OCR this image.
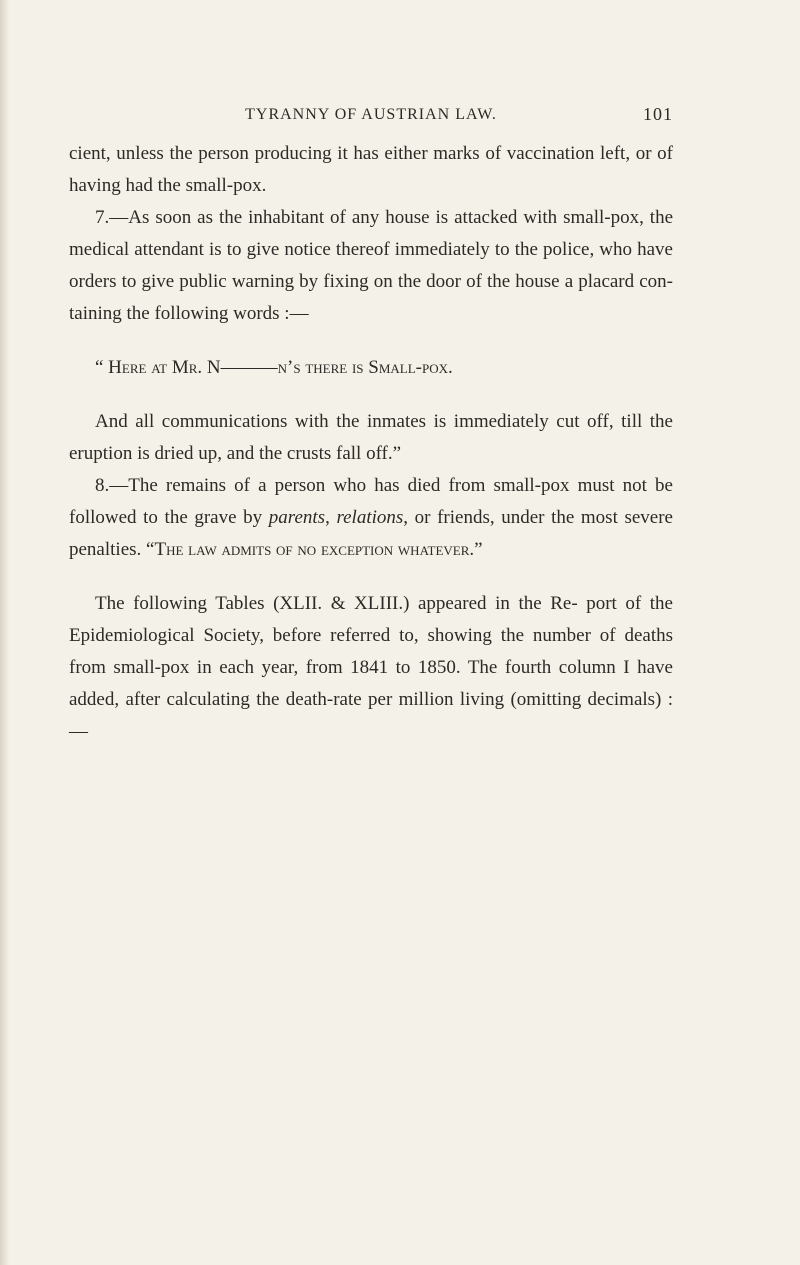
TYRANNY OF AUSTRIAN LAW.	101

cient, unless the person producing it has either marks of vaccination left, or of having had the small-pox.

7.—As soon as the inhabitant of any house is attacked with small-pox, the medical attendant is to give notice thereof immediately to the police, who have orders to give public warning by fixing on the door of the house a placard con- taining the following words :—

“ Here at Mr. N———n’s there is Small-pox.

And all communications with the inmates is immediately cut off, till the eruption is dried up, and the crusts fall off.”

8.—The remains of a person who has died from small-pox must not be followed to the grave by parents, relations, or friends, under the most severe penalties. “The law admits of no exception whatever.”

The following Tables (XLII. & XLIII.) appeared in the Re- port of the Epidemiological Society, before referred to, showing the number of deaths from small-pox in each year, from 1841 to 1850. The fourth column I have added, after calculating the death-rate per million living (omitting decimals) :—
